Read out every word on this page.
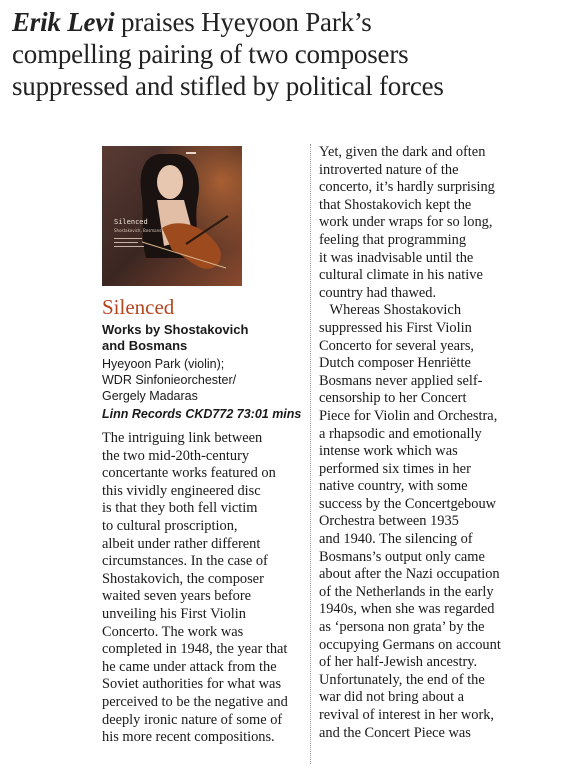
Erik Levi praises Hyeyoon Park’s
compelling pairing of two composers
suppressed and stifled by political forces
Silenced
Shostakovich, Bosmans
Silenced
Works by Shostakovich
and Bosmans
Hyeyoon Park (violin);
WDR Sinfonieorchester/
Gergely Madaras
Linn Records CKD772 73:01 mins
The intriguing link between
the two mid-20th-century
concertante works featured on
this vividly engineered disc
is that they both fell victim
to cultural proscription,
albeit under rather different
circumstances. In the case of
Shostakovich, the composer
waited seven years before
unveiling his First Violin
Concerto. The work was
completed in 1948, the year that
he came under attack from the
Soviet authorities for what was
perceived to be the negative and
deeply ironic nature of some of
his more recent compositions.
Yet, given the dark and often
introverted nature of the
concerto, it’s hardly surprising
that Shostakovich kept the
work under wraps for so long,
feeling that programming
it was inadvisable until the
cultural climate in his native
country had thawed.
Whereas Shostakovich
suppressed his First Violin
Concerto for several years,
Dutch composer Henriëtte
Bosmans never applied self-
censorship to her Concert
Piece for Violin and Orchestra,
a rhapsodic and emotionally
intense work which was
performed six times in her
native country, with some
success by the Concertgebouw
Orchestra between 1935
and 1940. The silencing of
Bosmans’s output only came
about after the Nazi occupation
of the Netherlands in the early
1940s, when she was regarded
as ‘persona non grata’ by the
occupying Germans on account
of her half-Jewish ancestry.
Unfortunately, the end of the
war did not bring about a
revival of interest in her work,
and the Concert Piece was
